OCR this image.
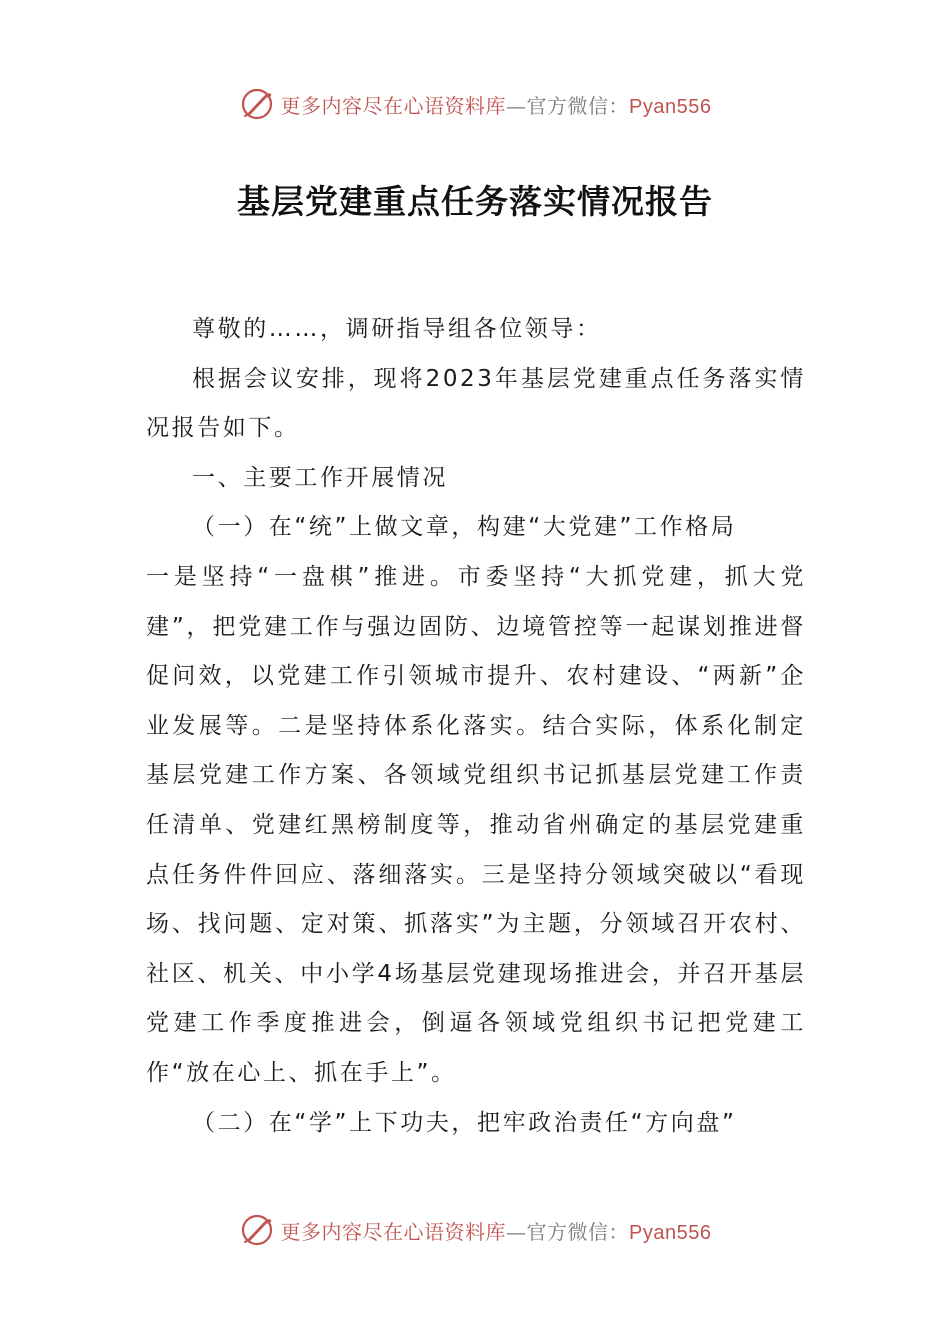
更多内容尽在心语资料库—官方微信：Pyan556
基层党建重点任务落实情况报告

尊敬的……，调研指导组各位领导：

根据会议安排，现将2023年基层党建重点任务落实情况报告如下。

一、主要工作开展情况

（一）在“统”上做文章，构建“大党建”工作格局

一是坚持“一盘棋”推进。市委坚持“大抓党建，抓大党建”，把党建工作与强边固防、边境管控等一起谋划推进督促问效，以党建工作引领城市提升、农村建设、“两新”企业发展等。二是坚持体系化落实。结合实际，体系化制定基层党建工作方案、各领域党组织书记抓基层党建工作责任清单、党建红黑榜制度等，推动省州确定的基层党建重点任务件件回应、落细落实。三是坚持分领域突破以“看现场、找问题、定对策、抓落实”为主题，分领域召开农村、社区、机关、中小学4场基层党建现场推进会，并召开基层党建工作季度推进会，倒逼各领域党组织书记把党建工作“放在心上、抓在手上”。

（二）在“学”上下功夫，把牢政治责任“方向盘”

更多内容尽在心语资料库—官方微信：Pyan556
